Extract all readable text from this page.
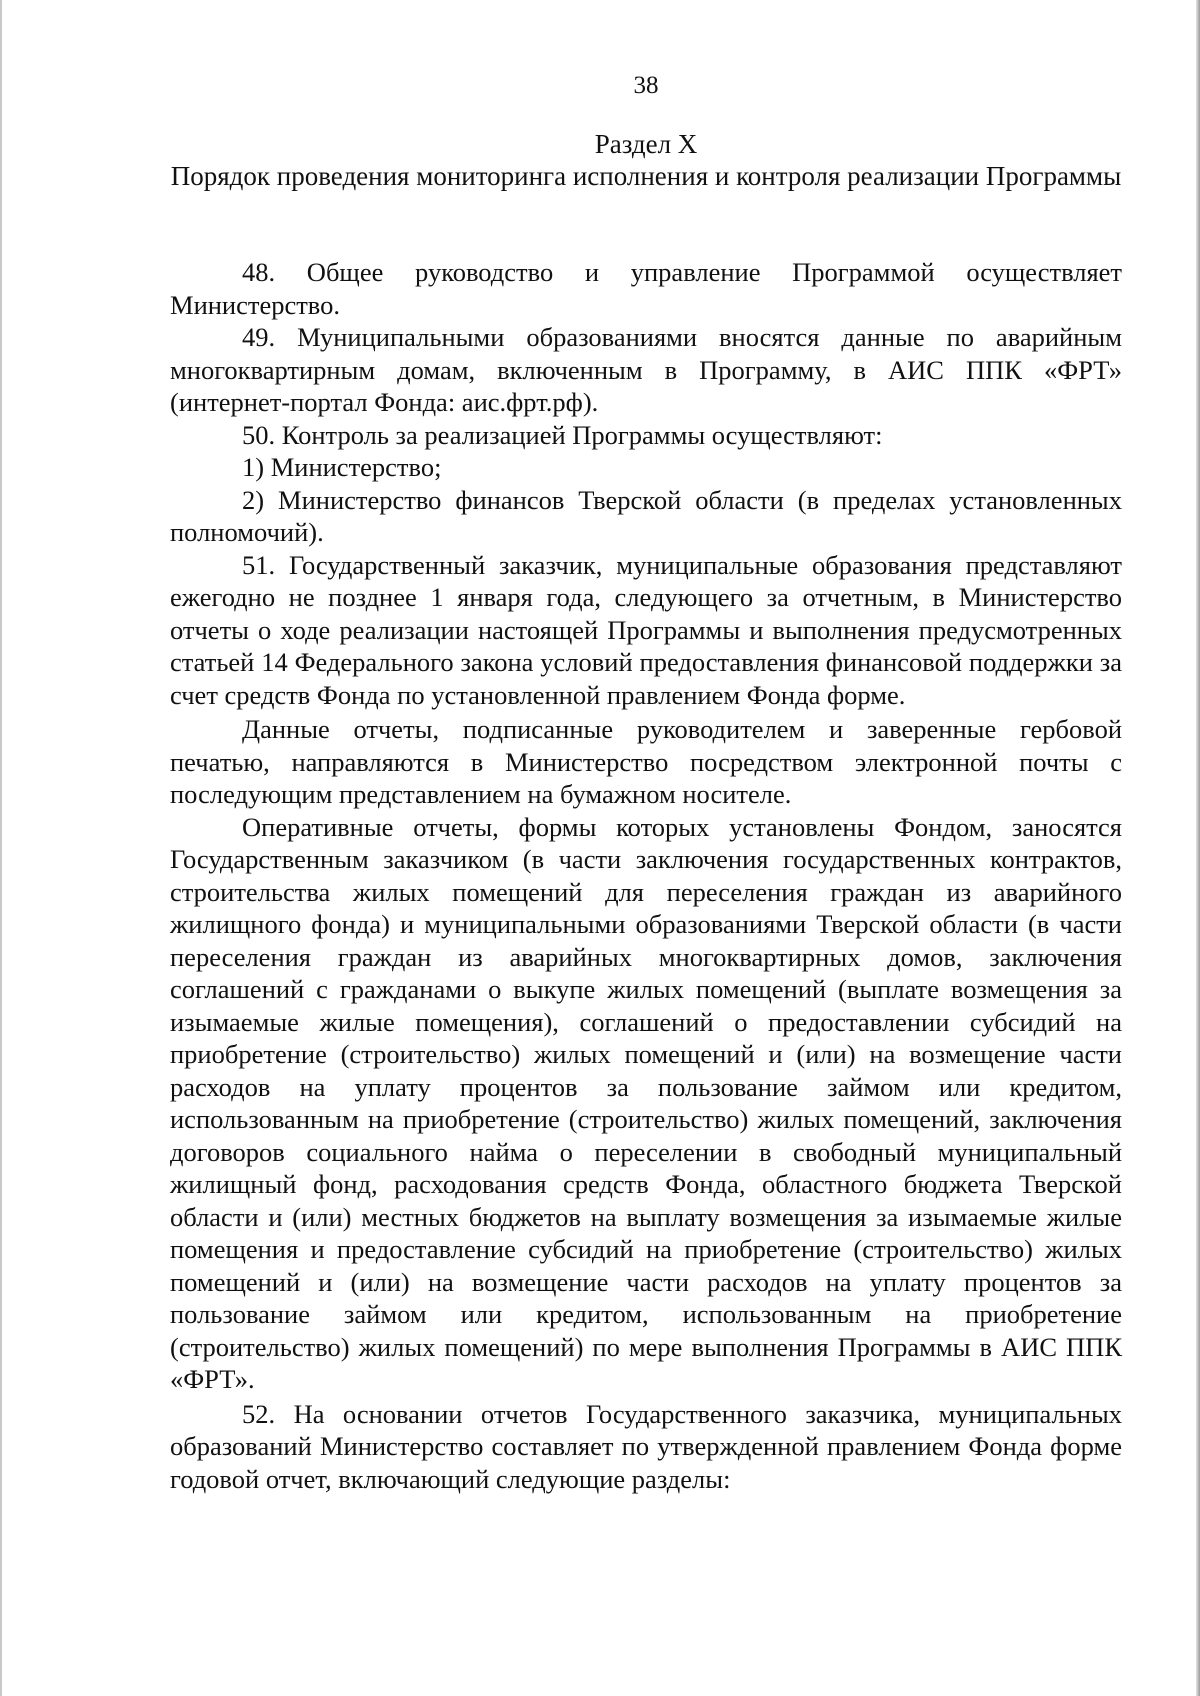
38
Раздел X
Порядок проведения мониторинга исполнения и контроля реализации Программы

48. Общее руководство и управление Программой осуществляет Министерство.

49. Муниципальными образованиями вносятся данные по аварийным многоквартирным домам, включенным в Программу, в АИС ППК «ФРТ» (интернет-портал Фонда: аис.фрт.рф).

50. Контроль за реализацией Программы осуществляют:

1) Министерство;

2) Министерство финансов Тверской области (в пределах установленных полномочий).

51. Государственный заказчик, муниципальные образования представляют ежегодно не позднее 1 января года, следующего за отчетным, в Министерство отчеты о ходе реализации настоящей Программы и выполнения предусмотренных статьей 14 Федерального закона условий предоставления финансовой поддержки за счет средств Фонда по установленной правлением Фонда форме.

Данные отчеты, подписанные руководителем и заверенные гербовой печатью, направляются в Министерство посредством электронной почты с последующим представлением на бумажном носителе.

Оперативные отчеты, формы которых установлены Фондом, заносятся Государственным заказчиком (в части заключения государственных контрактов, строительства жилых помещений для переселения граждан из аварийного жилищного фонда) и муниципальными образованиями Тверской области (в части переселения граждан из аварийных многоквартирных домов, заключения соглашений с гражданами о выкупе жилых помещений (выплате возмещения за изымаемые жилые помещения), соглашений о предоставлении субсидий на приобретение (строительство) жилых помещений и (или) на возмещение части расходов на уплату процентов за пользование займом или кредитом, использованным на приобретение (строительство) жилых помещений, заключения договоров социального найма о переселении в свободный муниципальный жилищный фонд, расходования средств Фонда, областного бюджета Тверской области и (или) местных бюджетов на выплату возмещения за изымаемые жилые помещения и предоставление субсидий на приобретение (строительство) жилых помещений и (или) на возмещение части расходов на уплату процентов за пользование займом или кредитом, использованным на приобретение (строительство) жилых помещений) по мере выполнения Программы в АИС ППК «ФРТ».

52. На основании отчетов Государственного заказчика, муниципальных образований Министерство составляет по утвержденной правлением Фонда форме годовой отчет, включающий следующие разделы:
